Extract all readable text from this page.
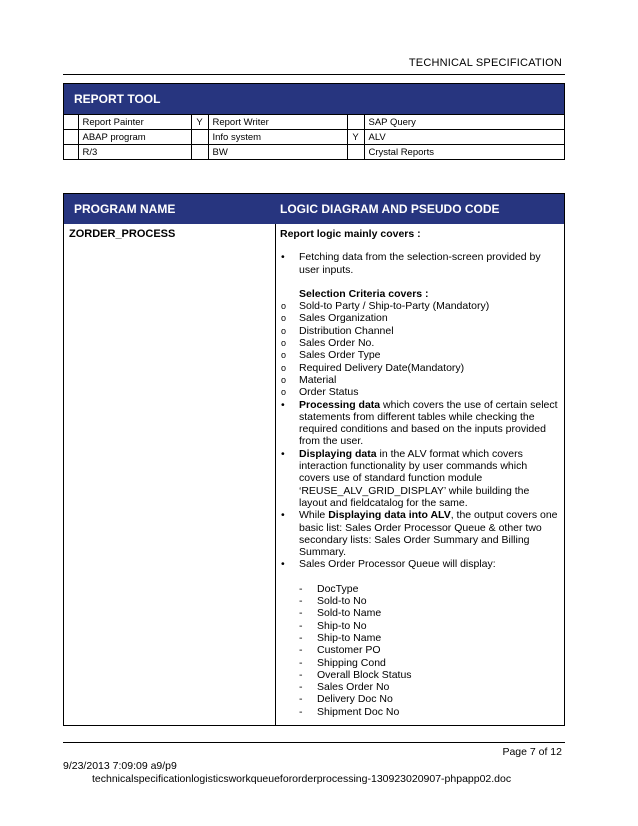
TECHNICAL SPECIFICATION
REPORT TOOL
	Report Painter	Y	Report Writer		SAP Query
	ABAP program		Info system	Y	ALV
	R/3		BW		Crystal Reports
PROGRAM NAME	LOGIC DIAGRAM AND PSEUDO CODE
ZORDER_PROCESS	Report logic mainly covers :
• Fetching data from the selection-screen provided by user inputs.
Selection Criteria covers :
o Sold-to Party / Ship-to-Party (Mandatory)
o Sales Organization
o Distribution Channel
o Sales Order No.
o Sales Order Type
o Required Delivery Date(Mandatory)
o Material
o Order Status
• Processing data which covers the use of certain select statements from different tables while checking the required conditions and based on the inputs provided from the user.
• Displaying data in the ALV format which covers interaction functionality by user commands which covers use of standard function module ‘REUSE_ALV_GRID_DISPLAY’ while building the layout and fieldcatalog for the same.
• While Displaying data into ALV, the output covers one basic list: Sales Order Processor Queue & other two secondary lists: Sales Order Summary and Billing Summary.
• Sales Order Processor Queue will display:
- DocType
- Sold-to No
- Sold-to Name
- Ship-to No
- Ship-to Name
- Customer PO
- Shipping Cond
- Overall Block Status
- Sales Order No
- Delivery Doc No
- Shipment Doc No
Page 7 of 12
9/23/2013 7:09:09 a9/p9
technicalspecificationlogisticsworkqueuefororderprocessing-130923020907-phpapp02.doc
